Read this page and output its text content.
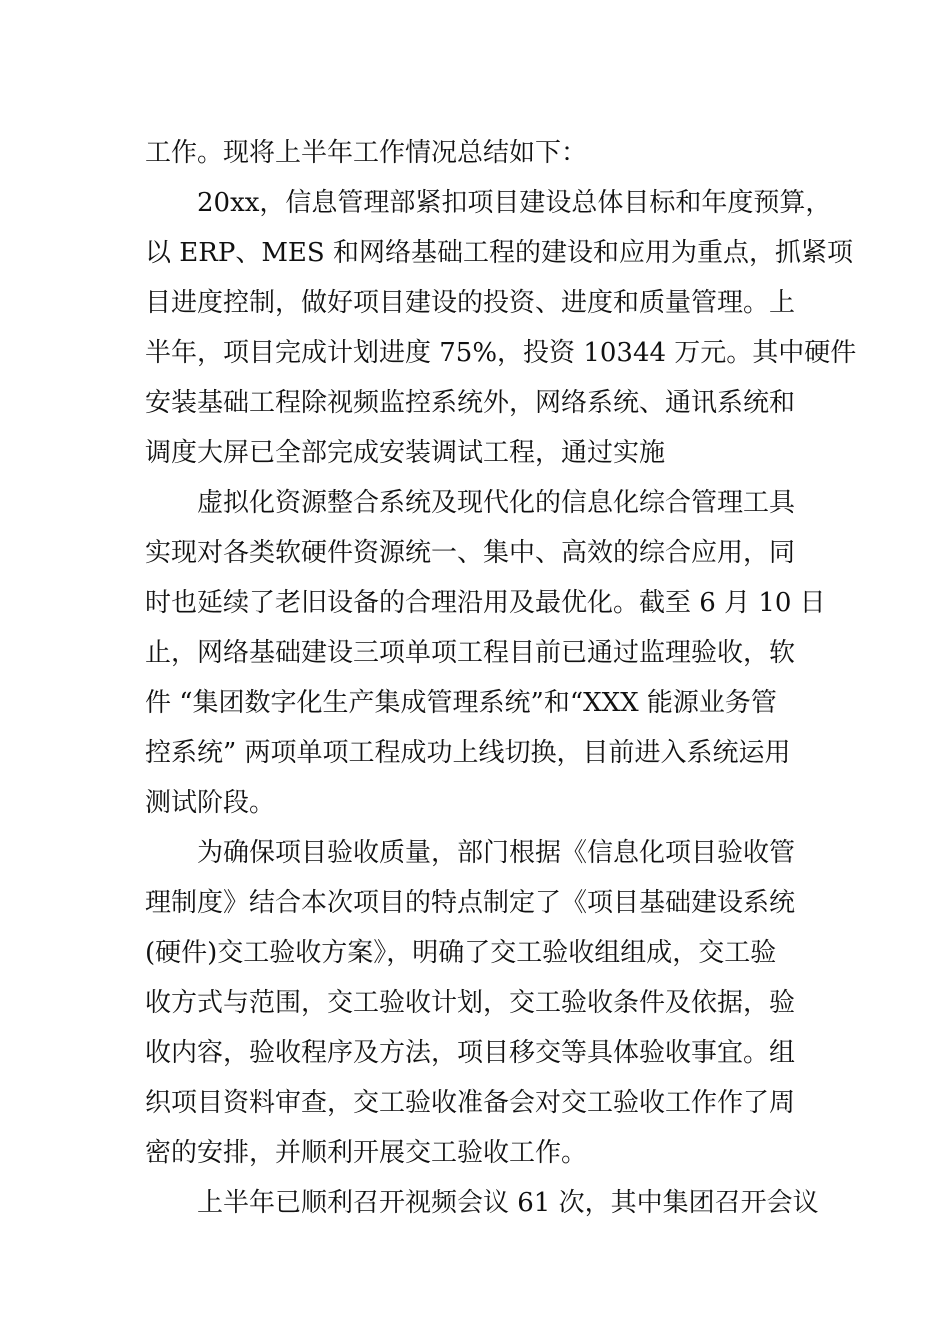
工作。现将上半年工作情况总结如下：
20xx，信息管理部紧扣项目建设总体目标和年度预算，
以 ERP、MES 和网络基础工程的建设和应用为重点，抓紧项
目进度控制，做好项目建设的投资、进度和质量管理。上
半年，项目完成计划进度 75%，投资 10344 万元。其中硬件
安装基础工程除视频监控系统外，网络系统、通讯系统和
调度大屏已全部完成安装调试工程，通过实施
虚拟化资源整合系统及现代化的信息化综合管理工具
实现对各类软硬件资源统一、集中、高效的综合应用，同
时也延续了老旧设备的合理沿用及最优化。截至 6 月 10 日
止，网络基础建设三项单项工程目前已通过监理验收，软
件 “集团数字化生产集成管理系统”和“XXX 能源业务管
控系统” 两项单项工程成功上线切换，目前进入系统运用
测试阶段。
为确保项目验收质量，部门根据《信息化项目验收管
理制度》结合本次项目的特点制定了《项目基础建设系统
(硬件)交工验收方案》，明确了交工验收组组成，交工验
收方式与范围，交工验收计划，交工验收条件及依据，验
收内容，验收程序及方法，项目移交等具体验收事宜。组
织项目资料审查，交工验收准备会对交工验收工作作了周
密的安排，并顺利开展交工验收工作。
上半年已顺利召开视频会议 61 次，其中集团召开会议
